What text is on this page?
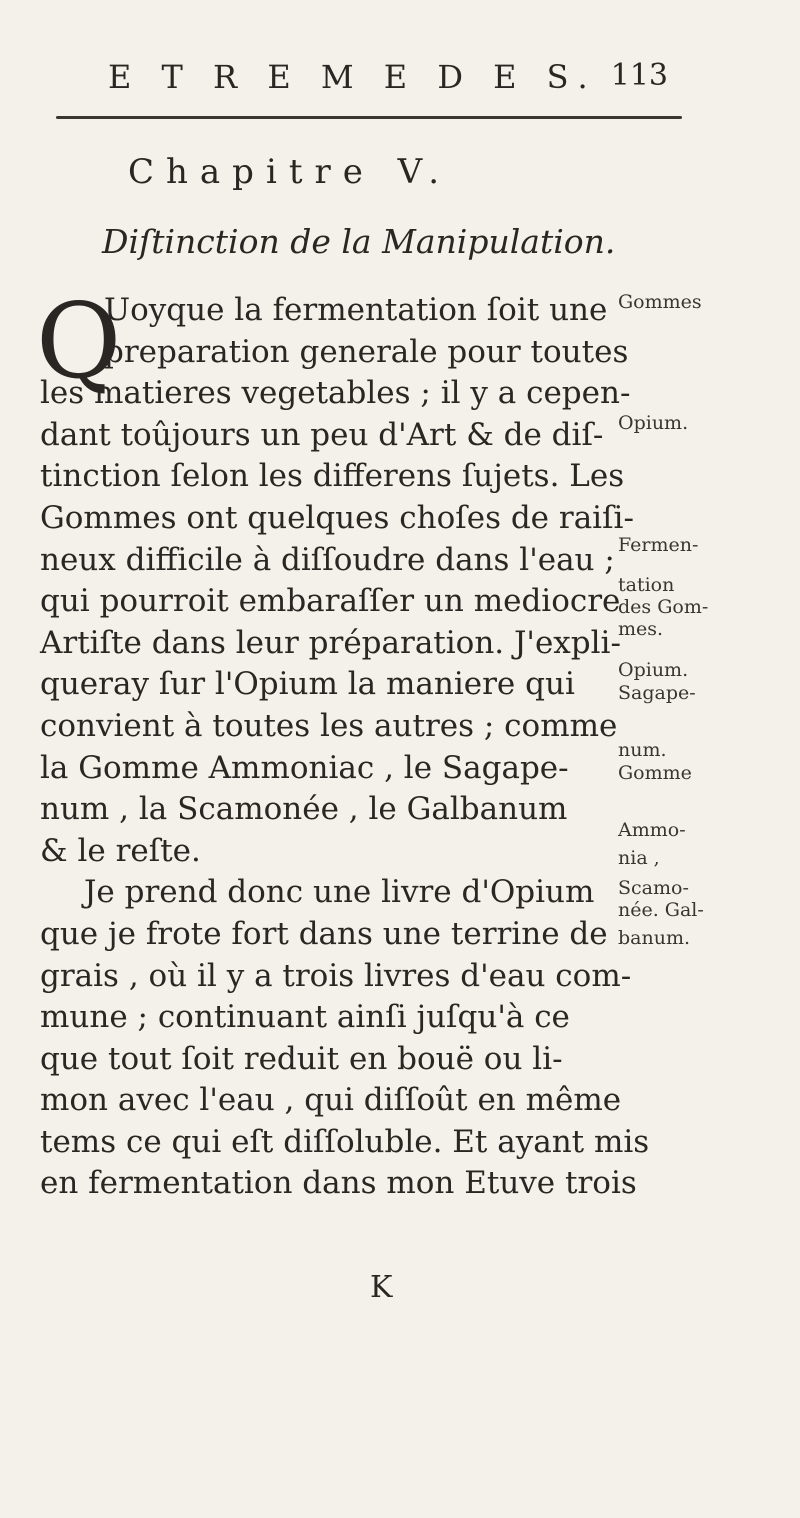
E T R E M E D E S. 113
Chapitre V.
Diſtinction de la Manipulation.
Q
Uoyque la fermentation ſoit une
preparation generale pour toutes
les matieres vegetables ; il y a cepen-
dant toûjours un peu d'Art & de diſ-
tinction ſelon les differens ſujets. Les
Gommes ont quelques choſes de raiſi-
neux difficile à diſſoudre dans l'eau ;
qui pourroit embaraſſer un mediocre
Artiſte dans leur préparation. J'expli-
queray ſur l'Opium la maniere qui
convient à toutes les autres ; comme
la Gomme Ammoniac , le Sagape-
num , la Scamonée , le Galbanum
& le reſte.
Je prend donc une livre d'Opium
que je frote fort dans une terrine de
grais , où il y a trois livres d'eau com-
mune ; continuant ainſi juſqu'à ce
que tout ſoit reduit en bouë ou li-
mon avec l'eau , qui diſſoût en même
tems ce qui eſt diſſoluble. Et ayant mis
en fermentation dans mon Etuve trois
K
Gommes
Opium.
Fermen-
tation
des Gom-
mes.
Opium.
Sagape-
num.
Gomme
Ammo-
nia ,
Scamo-
née. Gal-
banum.
